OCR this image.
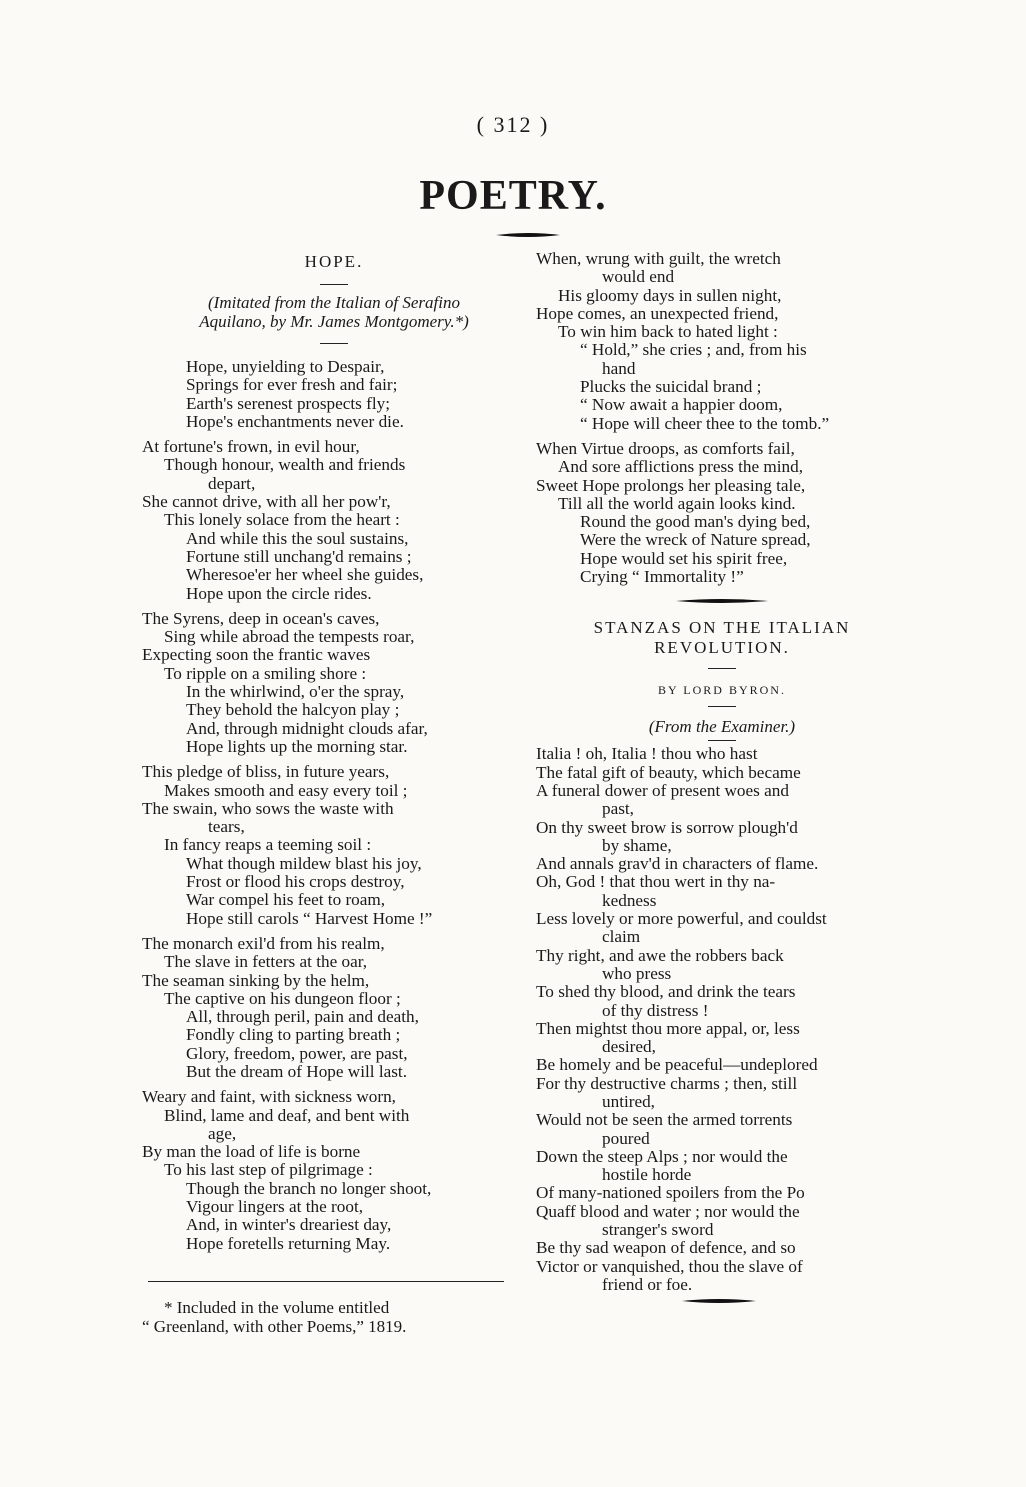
( 312 )
POETRY.
HOPE.
(Imitated from the Italian of Serafino
Aquilano, by Mr. James Montgomery.*)
Hope, unyielding to Despair,
Springs for ever fresh and fair;
Earth's serenest prospects fly;
Hope's enchantments never die.
At fortune's frown, in evil hour,
Though honour, wealth and friends
depart,
She cannot drive, with all her pow'r,
This lonely solace from the heart :
And while this the soul sustains,
Fortune still unchang'd remains ;
Wheresoe'er her wheel she guides,
Hope upon the circle rides.
The Syrens, deep in ocean's caves,
Sing while abroad the tempests roar,
Expecting soon the frantic waves
To ripple on a smiling shore :
In the whirlwind, o'er the spray,
They behold the halcyon play ;
And, through midnight clouds afar,
Hope lights up the morning star.
This pledge of bliss, in future years,
Makes smooth and easy every toil ;
The swain, who sows the waste with
tears,
In fancy reaps a teeming soil :
What though mildew blast his joy,
Frost or flood his crops destroy,
War compel his feet to roam,
Hope still carols “ Harvest Home !”
The monarch exil'd from his realm,
The slave in fetters at the oar,
The seaman sinking by the helm,
The captive on his dungeon floor ;
All, through peril, pain and death,
Fondly cling to parting breath ;
Glory, freedom, power, are past,
But the dream of Hope will last.
Weary and faint, with sickness worn,
Blind, lame and deaf, and bent with
age,
By man the load of life is borne
To his last step of pilgrimage :
Though the branch no longer shoot,
Vigour lingers at the root,
And, in winter's dreariest day,
Hope foretells returning May.
* Included in the volume entitled
“ Greenland, with other Poems,” 1819.
When, wrung with guilt, the wretch
would end
His gloomy days in sullen night,
Hope comes, an unexpected friend,
To win him back to hated light :
“ Hold,” she cries ; and, from his
hand
Plucks the suicidal brand ;
“ Now await a happier doom,
“ Hope will cheer thee to the tomb.”
When Virtue droops, as comforts fail,
And sore afflictions press the mind,
Sweet Hope prolongs her pleasing tale,
Till all the world again looks kind.
Round the good man's dying bed,
Were the wreck of Nature spread,
Hope would set his spirit free,
Crying “ Immortality !”
STANZAS ON THE ITALIAN
REVOLUTION.
BY LORD BYRON.
(From the Examiner.)
Italia ! oh, Italia ! thou who hast
The fatal gift of beauty, which became
A funeral dower of present woes and
past,
On thy sweet brow is sorrow plough'd
by shame,
And annals grav'd in characters of flame.
Oh, God ! that thou wert in thy na-
kedness
Less lovely or more powerful, and couldst
claim
Thy right, and awe the robbers back
who press
To shed thy blood, and drink the tears
of thy distress !
Then mightst thou more appal, or, less
desired,
Be homely and be peaceful—undeplored
For thy destructive charms ; then, still
untired,
Would not be seen the armed torrents
poured
Down the steep Alps ; nor would the
hostile horde
Of many-nationed spoilers from the Po
Quaff blood and water ; nor would the
stranger's sword
Be thy sad weapon of defence, and so
Victor or vanquished, thou the slave of
friend or foe.
